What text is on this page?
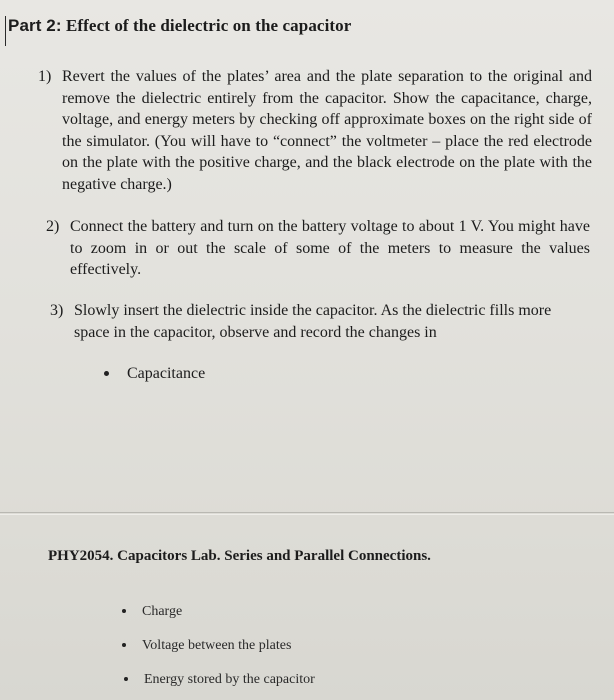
Part 2: Effect of the dielectric on the capacitor
1) Revert the values of the plates’ area and the plate separation to the original and remove the dielectric entirely from the capacitor. Show the capacitance, charge, voltage, and energy meters by checking off approximate boxes on the right side of the simulator. (You will have to “connect” the voltmeter – place the red electrode on the plate with the positive charge, and the black electrode on the plate with the negative charge.)
2) Connect the battery and turn on the battery voltage to about 1 V. You might have to zoom in or out the scale of some of the meters to measure the values effectively.
3) Slowly insert the dielectric inside the capacitor. As the dielectric fills more space in the capacitor, observe and record the changes in
Capacitance
PHY2054. Capacitors Lab. Series and Parallel Connections.
Charge
Voltage between the plates
Energy stored by the capacitor
